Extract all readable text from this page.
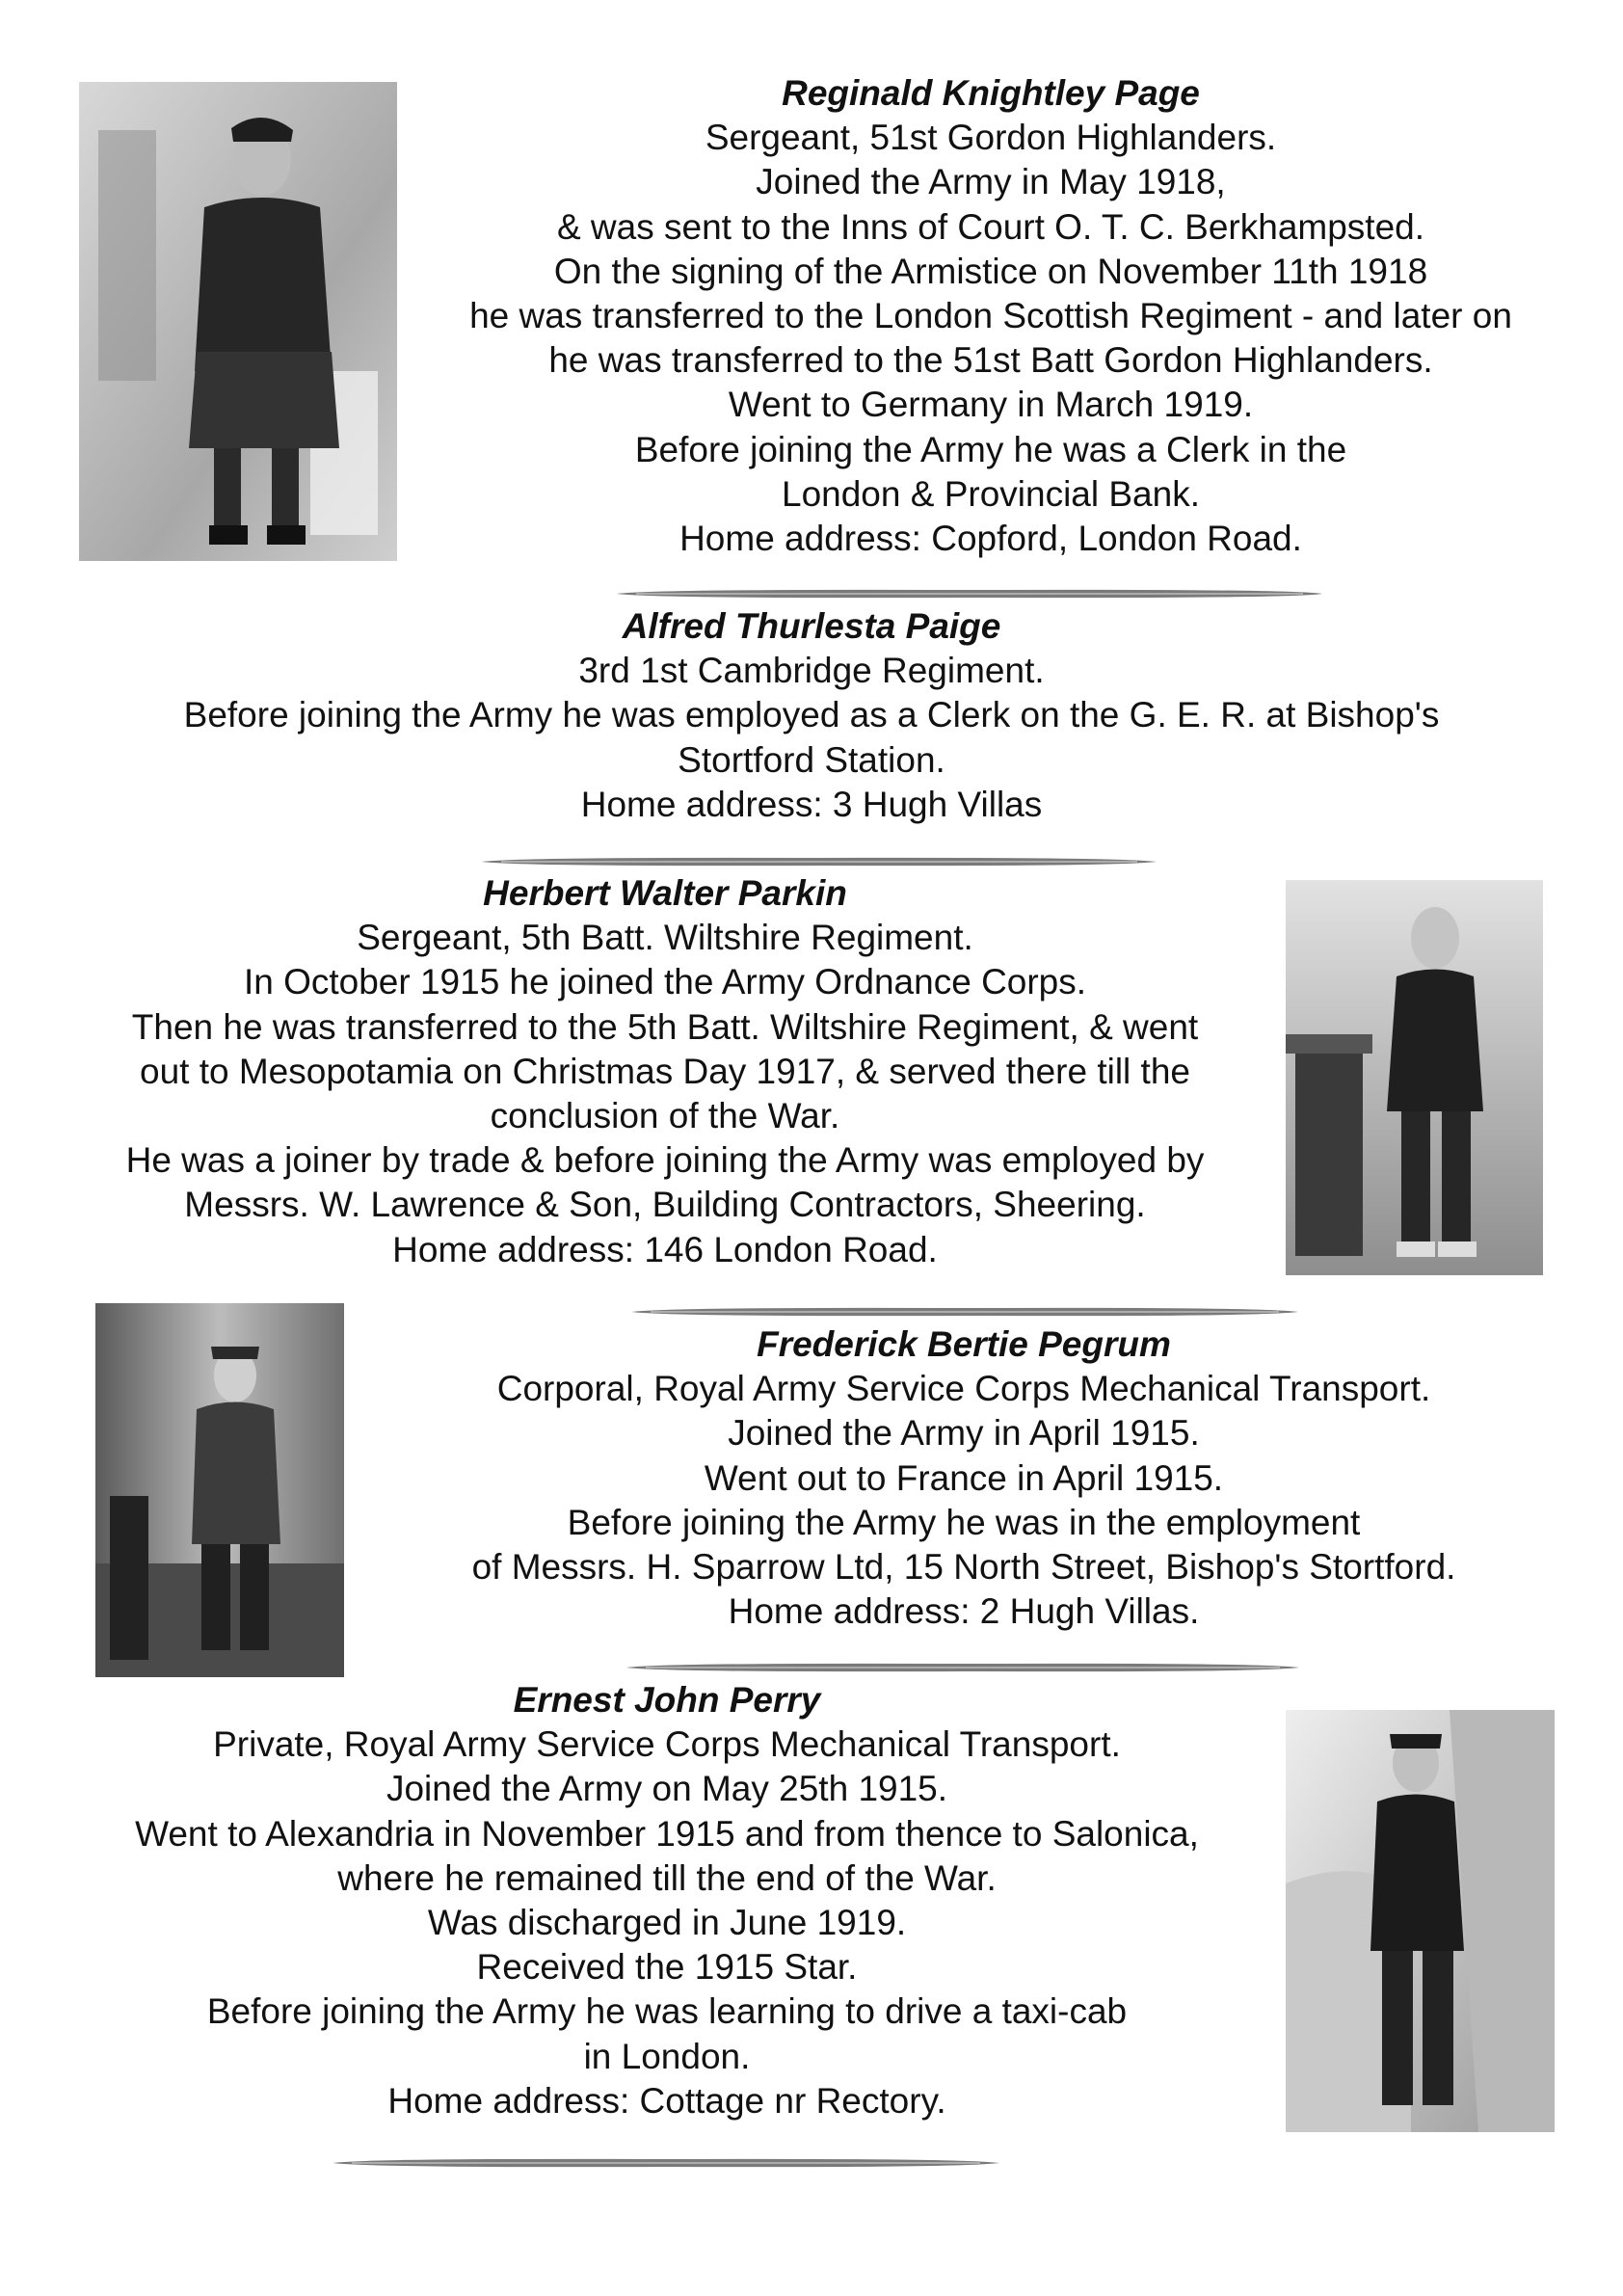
Reginald Knightley Page
Sergeant, 51st Gordon Highlanders.
Joined the Army in May 1918,
& was sent to the Inns of Court O. T. C. Berkhampsted.
On the signing of the Armistice on November 11th 1918
he was transferred to the London Scottish Regiment - and later on
he was transferred to the 51st Batt Gordon Highlanders.
Went to Germany in March 1919.
Before joining the Army he was a Clerk in the
London & Provincial Bank.
Home address: Copford, London Road.
Alfred Thurlesta Paige
3rd 1st Cambridge Regiment.
Before joining the Army he was employed as a Clerk on the G. E. R. at Bishop's
Stortford Station.
Home address: 3 Hugh Villas
Herbert Walter Parkin
Sergeant, 5th Batt. Wiltshire Regiment.
In October 1915 he joined the Army Ordnance Corps.
Then he was transferred to the 5th Batt. Wiltshire Regiment, & went
out to Mesopotamia on Christmas Day 1917, & served there till the
conclusion of the War.
He was a joiner by trade & before joining the Army was employed by
Messrs. W. Lawrence & Son, Building Contractors, Sheering.
Home address: 146 London Road.
Frederick Bertie Pegrum
Corporal, Royal Army Service Corps Mechanical Transport.
Joined the Army in April 1915.
Went out to France in April 1915.
Before joining the Army he was in the employment
of Messrs. H. Sparrow Ltd, 15 North Street, Bishop's Stortford.
Home address: 2 Hugh Villas.
Ernest John Perry
Private, Royal Army Service Corps Mechanical Transport.
Joined the Army on May 25th 1915.
Went to Alexandria in November 1915 and from thence to Salonica,
where he remained till the end of the War.
Was discharged in June 1919.
Received the 1915 Star.
Before joining the Army he was learning to drive a taxi-cab
in London.
Home address: Cottage nr Rectory.
